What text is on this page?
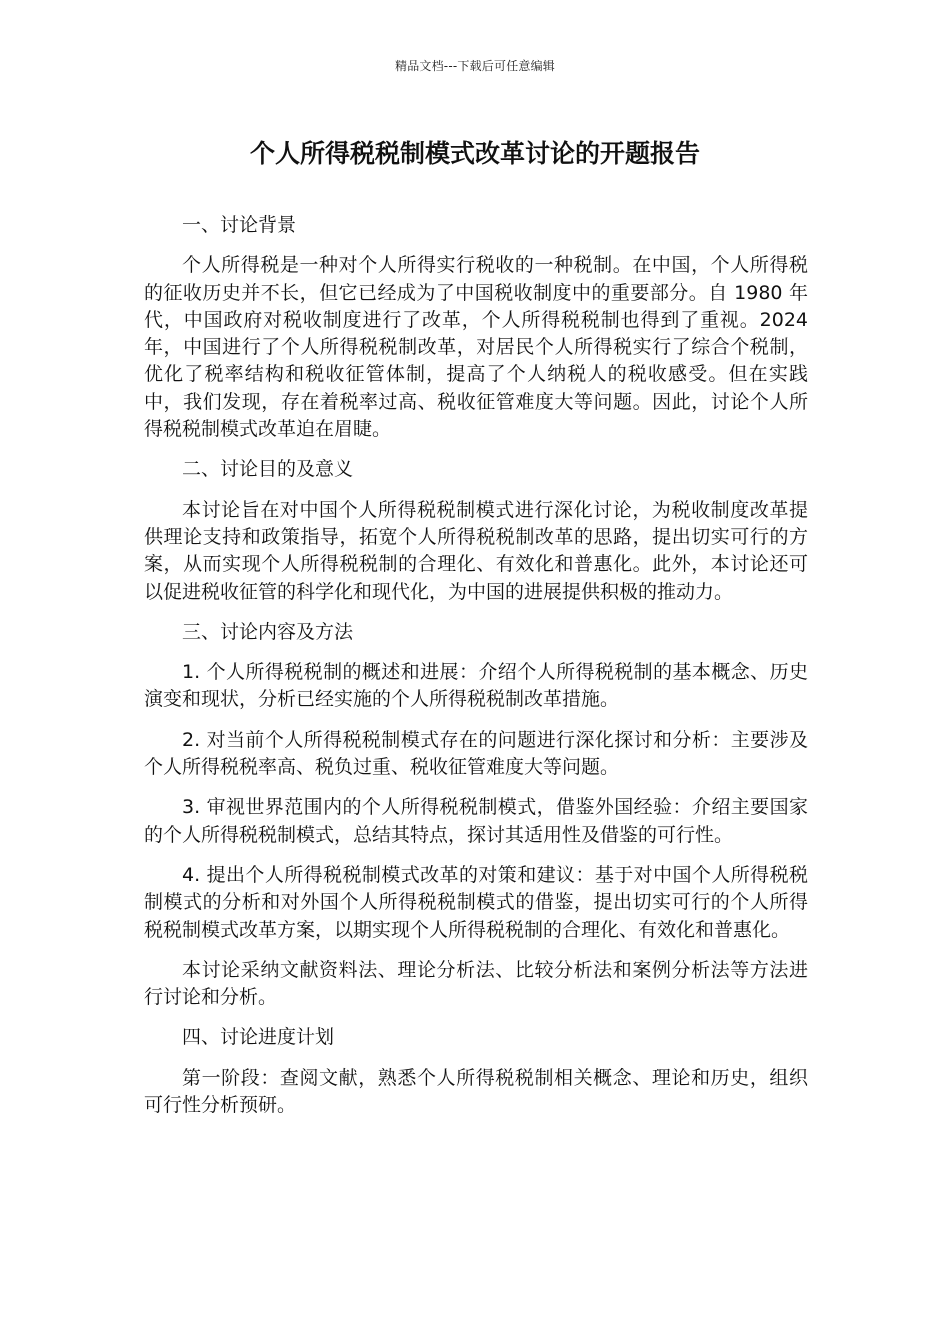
精品文档---下载后可任意编辑
个人所得税税制模式改革讨论的开题报告

一、讨论背景

个人所得税是一种对个人所得实行税收的一种税制。在中国，个人所得税的征收历史并不长，但它已经成为了中国税收制度中的重要部分。自 1980 年代，中国政府对税收制度进行了改革，个人所得税税制也得到了重视。2024 年，中国进行了个人所得税税制改革，对居民个人所得税实行了综合个税制，优化了税率结构和税收征管体制，提高了个人纳税人的税收感受。但在实践中，我们发现，存在着税率过高、税收征管难度大等问题。因此，讨论个人所得税税制模式改革迫在眉睫。

二、讨论目的及意义

本讨论旨在对中国个人所得税税制模式进行深化讨论，为税收制度改革提供理论支持和政策指导，拓宽个人所得税税制改革的思路，提出切实可行的方案，从而实现个人所得税税制的合理化、有效化和普惠化。此外，本讨论还可以促进税收征管的科学化和现代化，为中国的进展提供积极的推动力。

三、讨论内容及方法

1. 个人所得税税制的概述和进展：介绍个人所得税税制的基本概念、历史演变和现状，分析已经实施的个人所得税税制改革措施。

2. 对当前个人所得税税制模式存在的问题进行深化探讨和分析：主要涉及个人所得税税率高、税负过重、税收征管难度大等问题。

3. 审视世界范围内的个人所得税税制模式，借鉴外国经验：介绍主要国家的个人所得税税制模式，总结其特点，探讨其适用性及借鉴的可行性。

4. 提出个人所得税税制模式改革的对策和建议：基于对中国个人所得税税制模式的分析和对外国个人所得税税制模式的借鉴，提出切实可行的个人所得税税制模式改革方案，以期实现个人所得税税制的合理化、有效化和普惠化。

本讨论采纳文献资料法、理论分析法、比较分析法和案例分析法等方法进行讨论和分析。

四、讨论进度计划

第一阶段：查阅文献，熟悉个人所得税税制相关概念、理论和历史，组织可行性分析预研。
